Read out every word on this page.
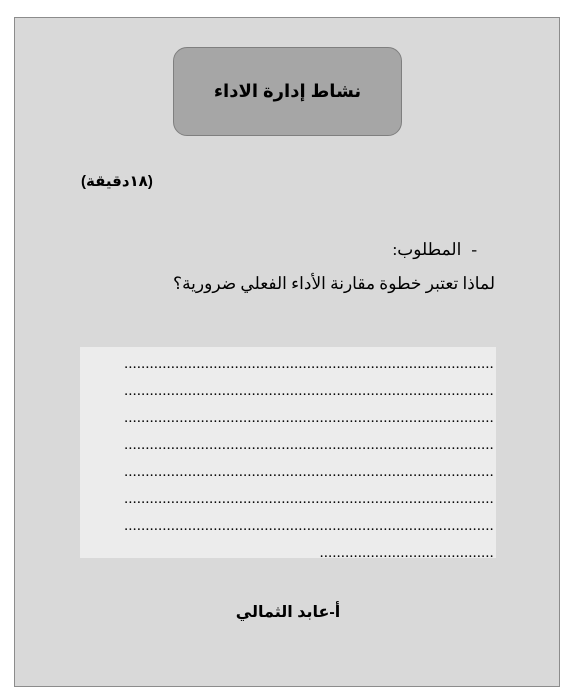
نشاط إدارة الاداء
(١٨دقيقة)
-
المطلوب:
لماذا تعتبر خطوة مقارنة الأداء الفعلي ضرورية؟
.......................................................................................
.......................................................................................
.......................................................................................
.......................................................................................
.......................................................................................
.......................................................................................
.......................................................................................
.........................................
أ-عابد الثمالي
